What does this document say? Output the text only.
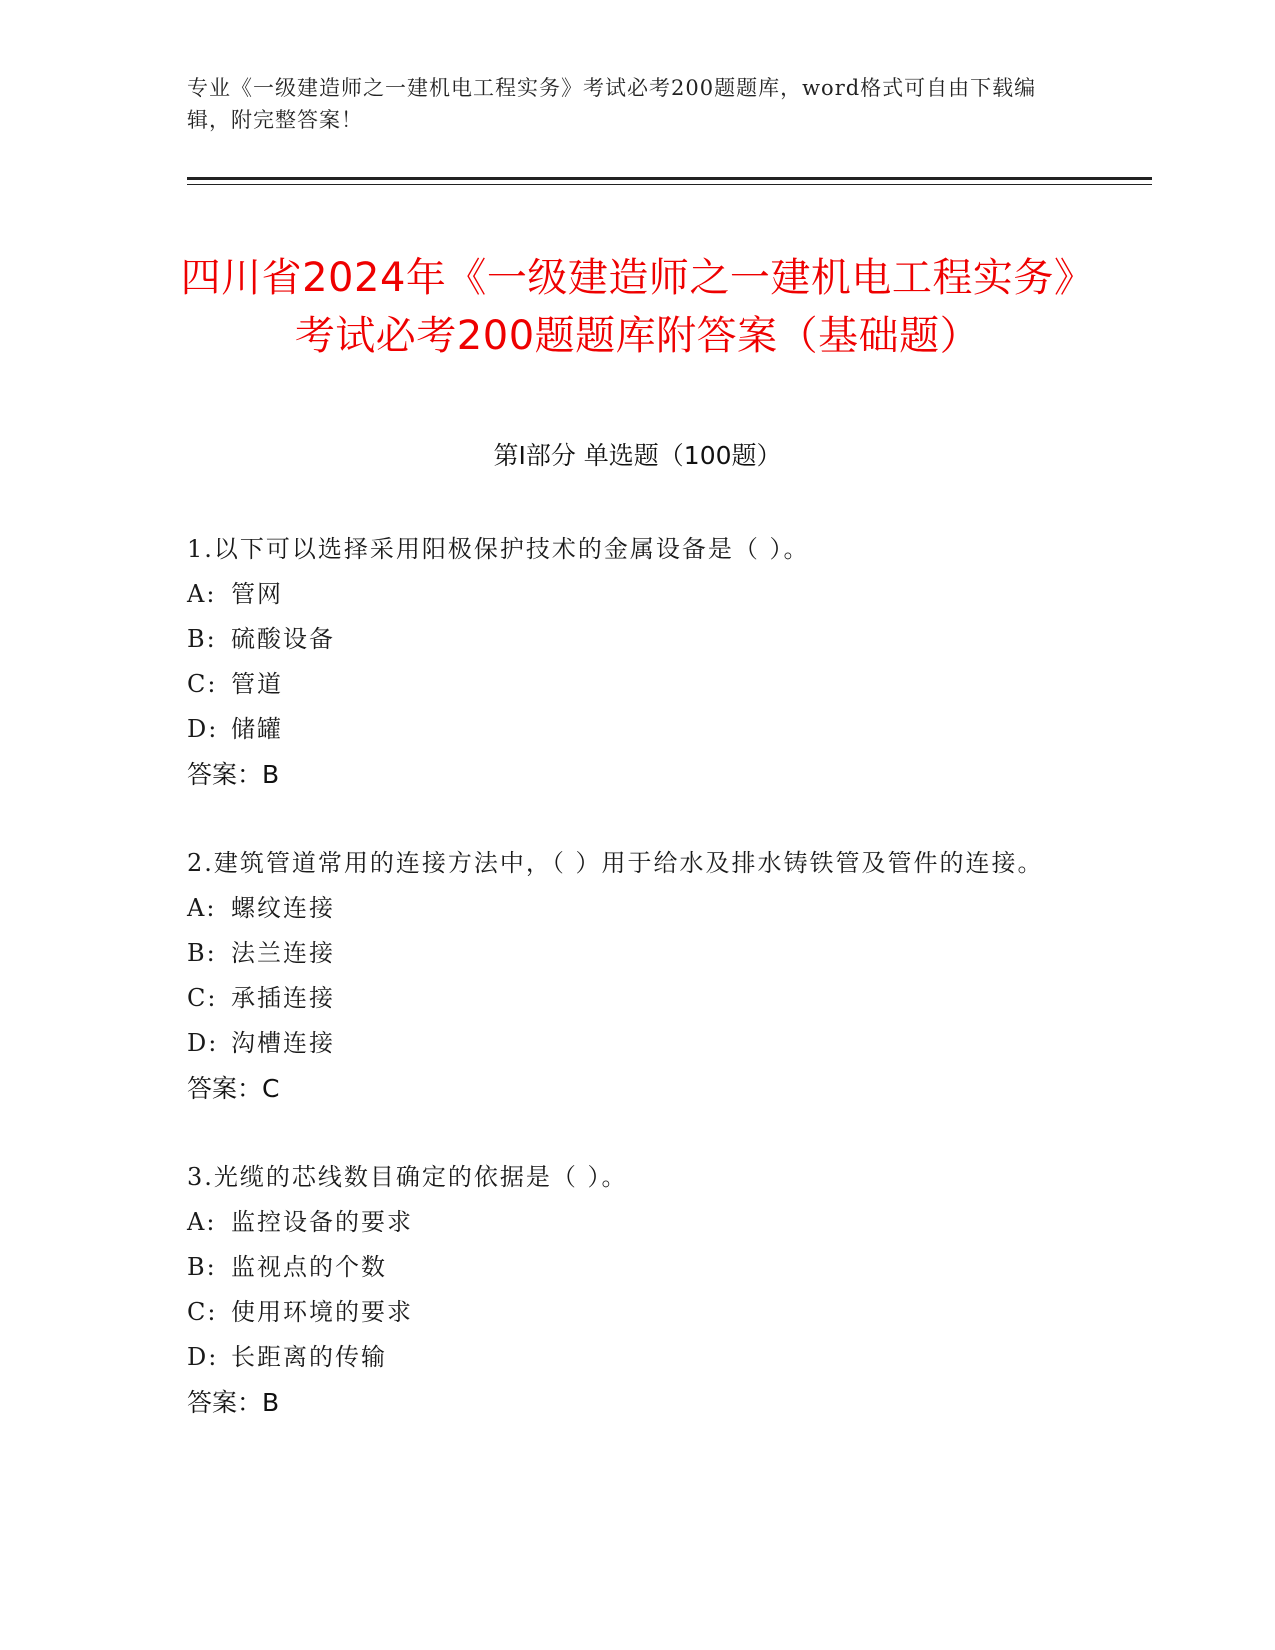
专业《一级建造师之一建机电工程实务》考试必考200题题库，word格式可自由下载编辑，附完整答案！
四川省2024年《一级建造师之一建机电工程实务》考试必考200题题库附答案（基础题）
第I部分 单选题（100题）

1.以下可以选择采用阳极保护技术的金属设备是（ ）。

A: 管网

B: 硫酸设备

C: 管道

D: 储罐

答案：B

2.建筑管道常用的连接方法中，（ ）用于给水及排水铸铁管及管件的连接。

A: 螺纹连接

B: 法兰连接

C: 承插连接

D: 沟槽连接

答案：C

3.光缆的芯线数目确定的依据是（ ）。

A: 监控设备的要求

B: 监视点的个数

C: 使用环境的要求

D: 长距离的传输

答案：B
